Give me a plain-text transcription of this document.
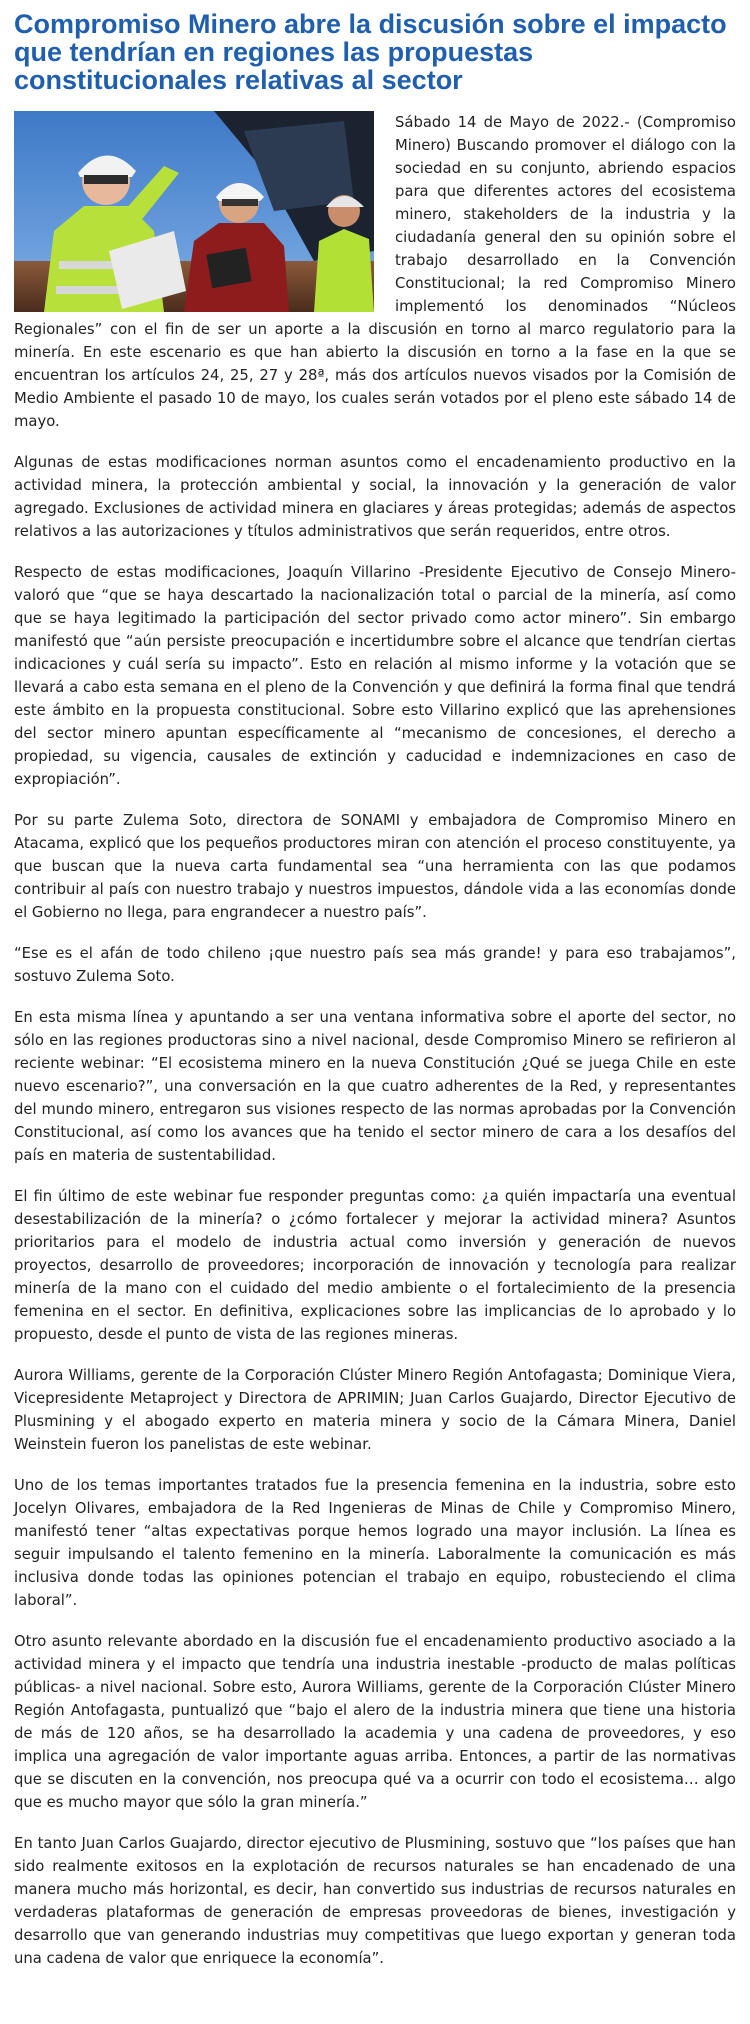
Compromiso Minero abre la discusión sobre el impacto que tendrían en regiones las propuestas constitucionales relativas al sector

Sábado 14 de Mayo de 2022.- (Compromiso Minero) Buscando promover el diálogo con la sociedad en su conjunto, abriendo espacios para que diferentes actores del ecosistema minero, stakeholders de la industria y la ciudadanía general den su opinión sobre el trabajo desarrollado en la Convención Constitucional; la red Compromiso Minero implementó los denominados “Núcleos Regionales” con el fin de ser un aporte a la discusión en torno al marco regulatorio para la minería. En este escenario es que han abierto la discusión en torno a la fase en la que se encuentran los artículos 24, 25, 27 y 28ª, más dos artículos nuevos visados por la Comisión de Medio Ambiente el pasado 10 de mayo, los cuales serán votados por el pleno este sábado 14 de mayo.

Algunas de estas modificaciones norman asuntos como el encadenamiento productivo en la actividad minera, la protección ambiental y social, la innovación y la generación de valor agregado. Exclusiones de actividad minera en glaciares y áreas protegidas; además de aspectos relativos a las autorizaciones y títulos administrativos que serán requeridos, entre otros.

Respecto de estas modificaciones, Joaquín Villarino -Presidente Ejecutivo de Consejo Minero- valoró que “que se haya descartado la nacionalización total o parcial de la minería, así como que se haya legitimado la participación del sector privado como actor minero”. Sin embargo manifestó que “aún persiste preocupación e incertidumbre sobre el alcance que tendrían ciertas indicaciones y cuál sería su impacto”. Esto en relación al mismo informe y la votación que se llevará a cabo esta semana en el pleno de la Convención y que definirá la forma final que tendrá este ámbito en la propuesta constitucional. Sobre esto Villarino explicó que las aprehensiones del sector minero apuntan específicamente al “mecanismo de concesiones, el derecho a propiedad, su vigencia, causales de extinción y caducidad e indemnizaciones en caso de expropiación”.

Por su parte Zulema Soto, directora de SONAMI y embajadora de Compromiso Minero en Atacama, explicó que los pequeños productores miran con atención el proceso constituyente, ya que buscan que la nueva carta fundamental sea “una herramienta con las que podamos contribuir al país con nuestro trabajo y nuestros impuestos, dándole vida a las economías donde el Gobierno no llega, para engrandecer a nuestro país”.

“Ese es el afán de todo chileno ¡que nuestro país sea más grande! y para eso trabajamos”, sostuvo Zulema Soto.

En esta misma línea y apuntando a ser una ventana informativa sobre el aporte del sector, no sólo en las regiones productoras sino a nivel nacional, desde Compromiso Minero se refirieron al reciente webinar: “El ecosistema minero en la nueva Constitución ¿Qué se juega Chile en este nuevo escenario?”, una conversación en la que cuatro adherentes de la Red, y representantes del mundo minero, entregaron sus visiones respecto de las normas aprobadas por la Convención Constitucional, así como los avances que ha tenido el sector minero de cara a los desafíos del país en materia de sustentabilidad.

El fin último de este webinar fue responder preguntas como: ¿a quién impactaría una eventual desestabilización de la minería? o ¿cómo fortalecer y mejorar la actividad minera? Asuntos prioritarios para el modelo de industria actual como inversión y generación de nuevos proyectos, desarrollo de proveedores; incorporación de innovación y tecnología para realizar minería de la mano con el cuidado del medio ambiente o el fortalecimiento de la presencia femenina en el sector. En definitiva, explicaciones sobre las implicancias de lo aprobado y lo propuesto, desde el punto de vista de las regiones mineras.

Aurora Williams, gerente de la Corporación Clúster Minero Región Antofagasta; Dominique Viera, Vicepresidente Metaproject y Directora de APRIMIN; Juan Carlos Guajardo, Director Ejecutivo de Plusmining y el abogado experto en materia minera y socio de la Cámara Minera, Daniel Weinstein fueron los panelistas de este webinar.

Uno de los temas importantes tratados fue la presencia femenina en la industria, sobre esto Jocelyn Olivares, embajadora de la Red Ingenieras de Minas de Chile y Compromiso Minero, manifestó tener “altas expectativas porque hemos logrado una mayor inclusión. La línea es seguir impulsando el talento femenino en la minería. Laboralmente la comunicación es más inclusiva donde todas las opiniones potencian el trabajo en equipo, robusteciendo el clima laboral”.

Otro asunto relevante abordado en la discusión fue el encadenamiento productivo asociado a la actividad minera y el impacto que tendría una industria inestable -producto de malas políticas públicas- a nivel nacional. Sobre esto, Aurora Williams, gerente de la Corporación Clúster Minero Región Antofagasta, puntualizó que “bajo el alero de la industria minera que tiene una historia de más de 120 años, se ha desarrollado la academia y una cadena de proveedores, y eso implica una agregación de valor importante aguas arriba. Entonces, a partir de las normativas que se discuten en la convención, nos preocupa qué va a ocurrir con todo el ecosistema… algo que es mucho mayor que sólo la gran minería.”

En tanto Juan Carlos Guajardo, director ejecutivo de Plusmining, sostuvo que “los países que han sido realmente exitosos en la explotación de recursos naturales se han encadenado de una manera mucho más horizontal, es decir, han convertido sus industrias de recursos naturales en verdaderas plataformas de generación de empresas proveedoras de bienes, investigación y desarrollo que van generando industrias muy competitivas que luego exportan y generan toda una cadena de valor que enriquece la economía”.
